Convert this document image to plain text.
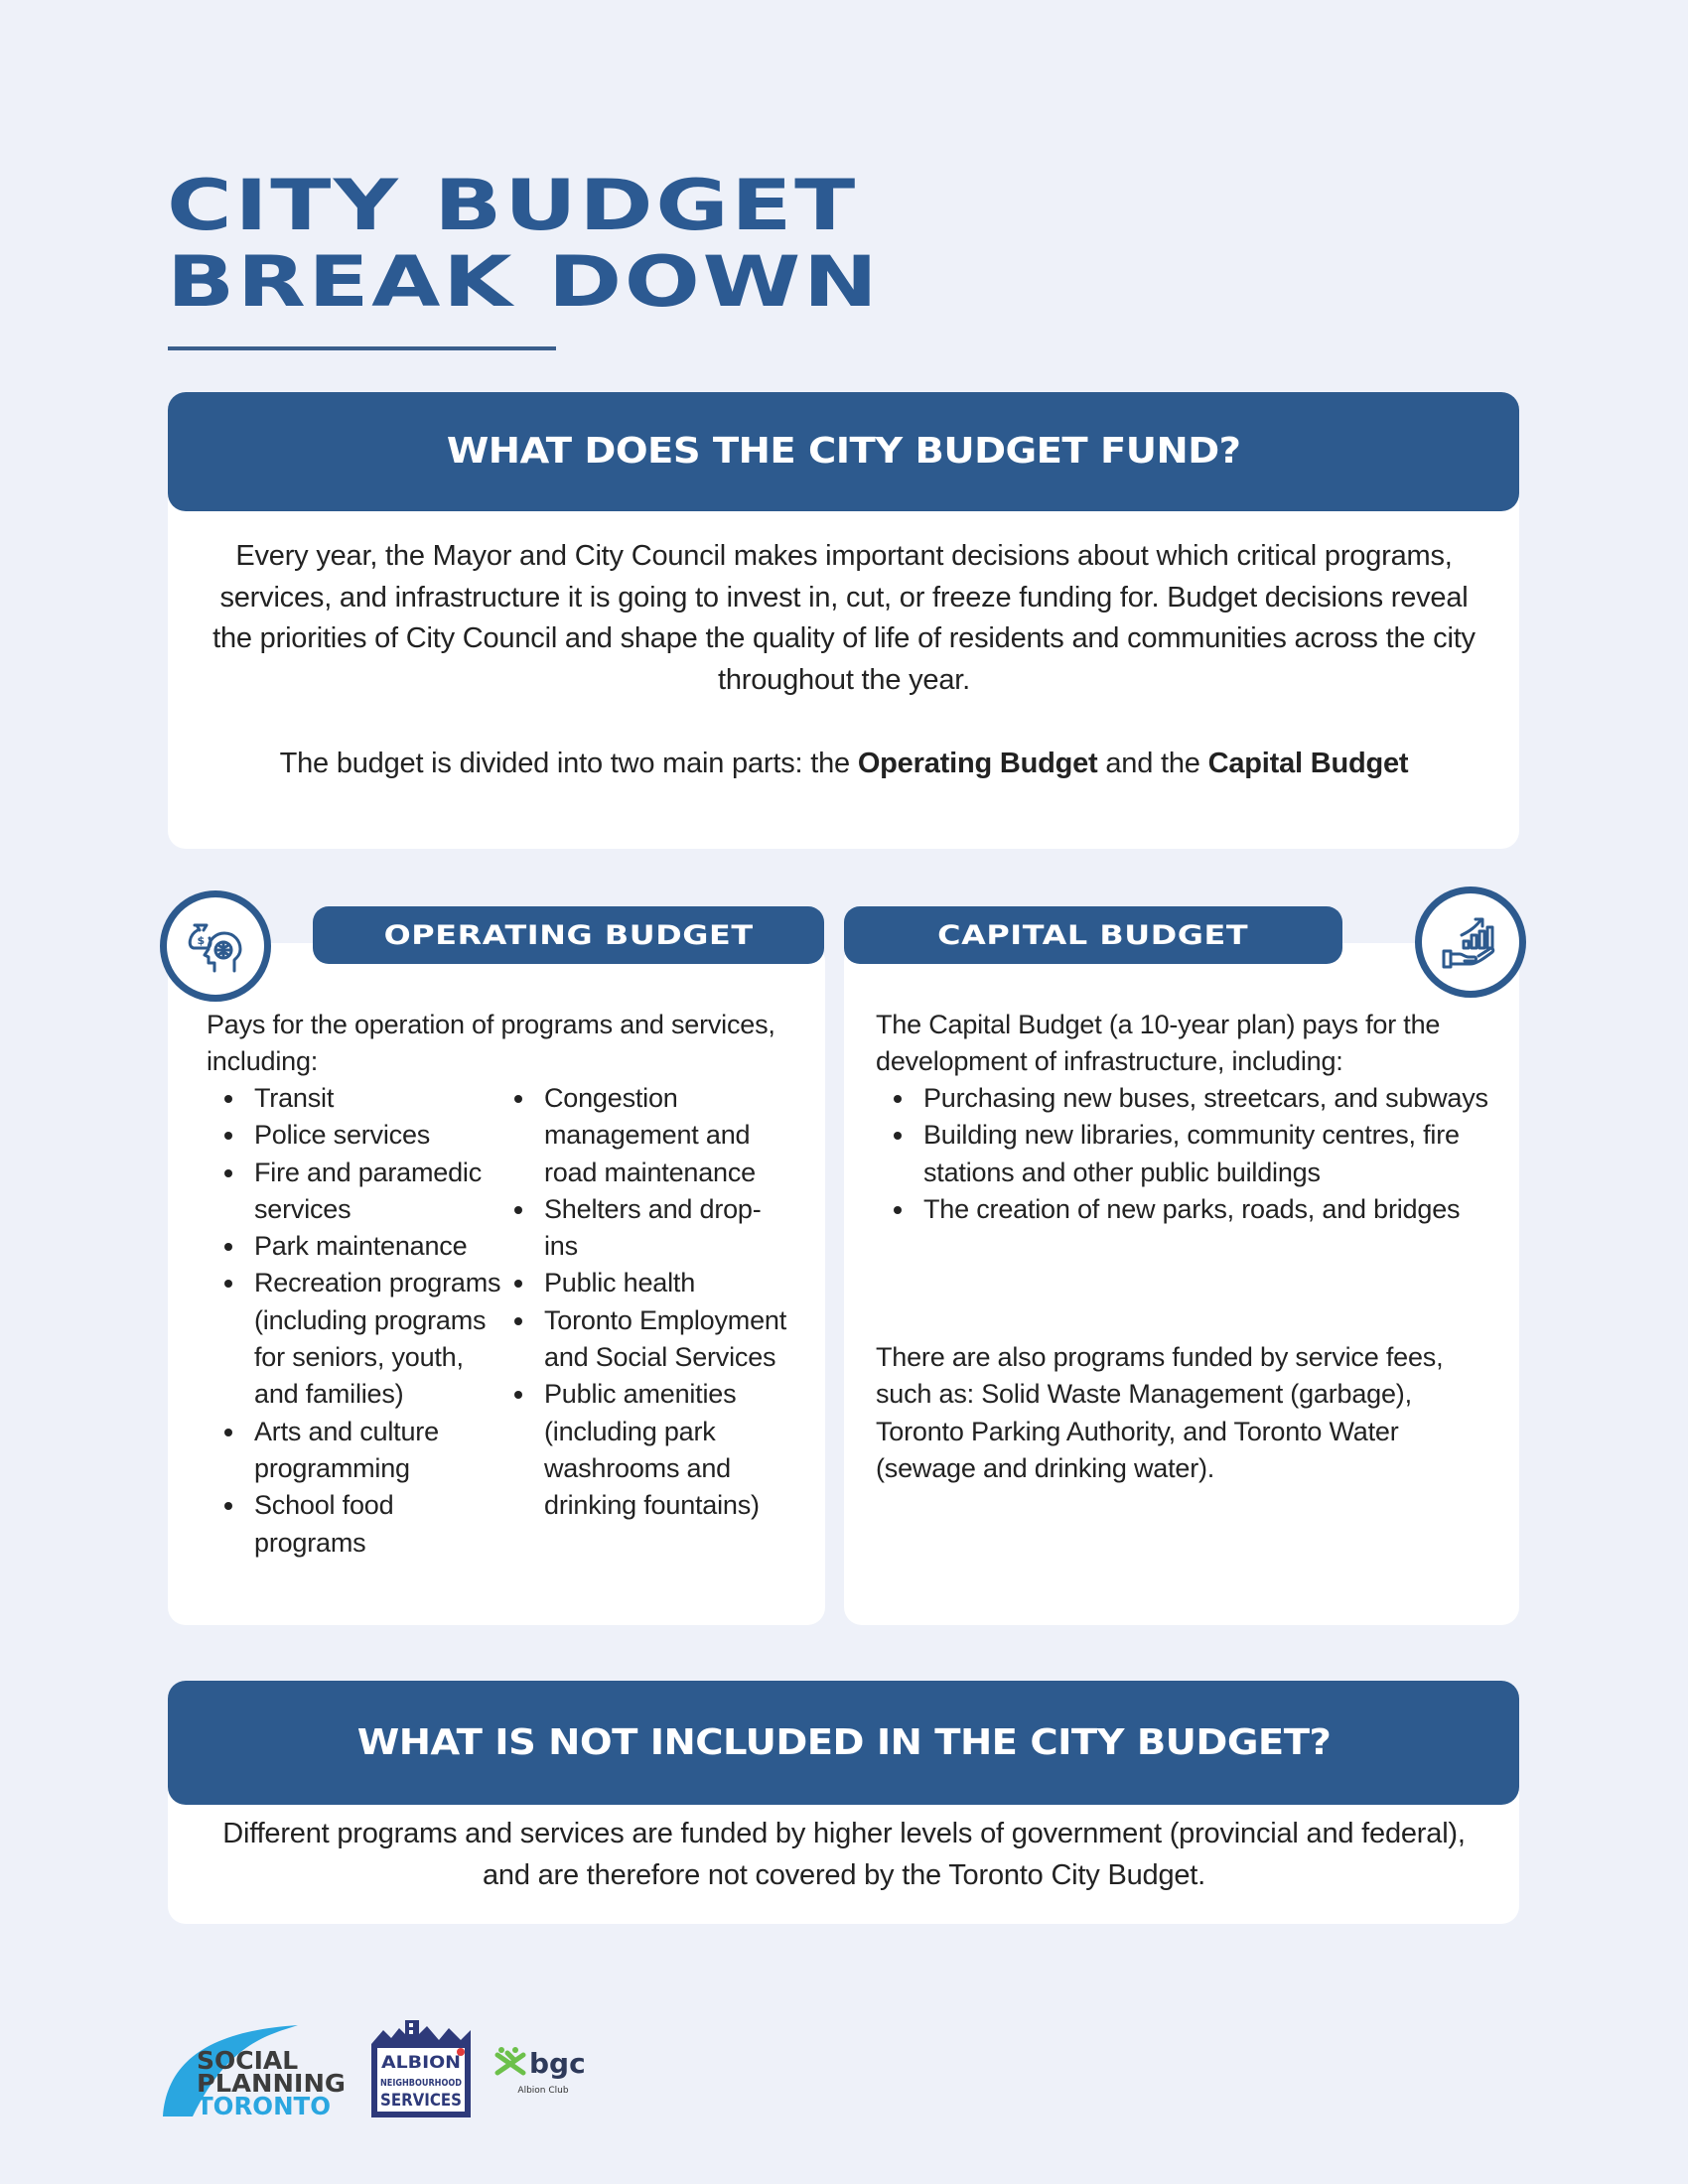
CITY BUDGET
BREAK DOWN
WHAT DOES THE CITY BUDGET FUND?

Every year, the Mayor and City Council makes important decisions about which critical programs, services, and infrastructure it is going to invest in, cut, or freeze funding for. Budget decisions reveal the priorities of City Council and shape the quality of life of residents and communities across the city throughout the year.

The budget is divided into two main parts: the Operating Budget and the Capital Budget

OPERATING BUDGET
$
Pays for the operation of programs and services, including:
Transit
Police services
Fire and paramedic services
Park maintenance
Recreation programs (including programs for seniors, youth, and families)
Arts and culture programming
School food programs
Congestion management and road maintenance
Shelters and drop-ins
Public health
Toronto Employment and Social Services
Public amenities (including park washrooms and drinking fountains)
CAPITAL BUDGET
The Capital Budget (a 10-year plan) pays for the development of infrastructure, including:
Purchasing new buses, streetcars, and subways
Building new libraries, community centres, fire stations and other public buildings
The creation of new parks, roads, and bridges
There are also programs funded by service fees, such as: Solid Waste Management (garbage), Toronto Parking Authority, and Toronto Water (sewage and drinking water).
WHAT IS NOT INCLUDED IN THE CITY BUDGET?
Different programs and services are funded by higher levels of government (provincial and federal), and are therefore not covered by the Toronto City Budget.
SOCIAL
PLANNING
TORONTO
ALBION
NEIGHBOURHOOD
SERVICES
bgc
Albion Club
